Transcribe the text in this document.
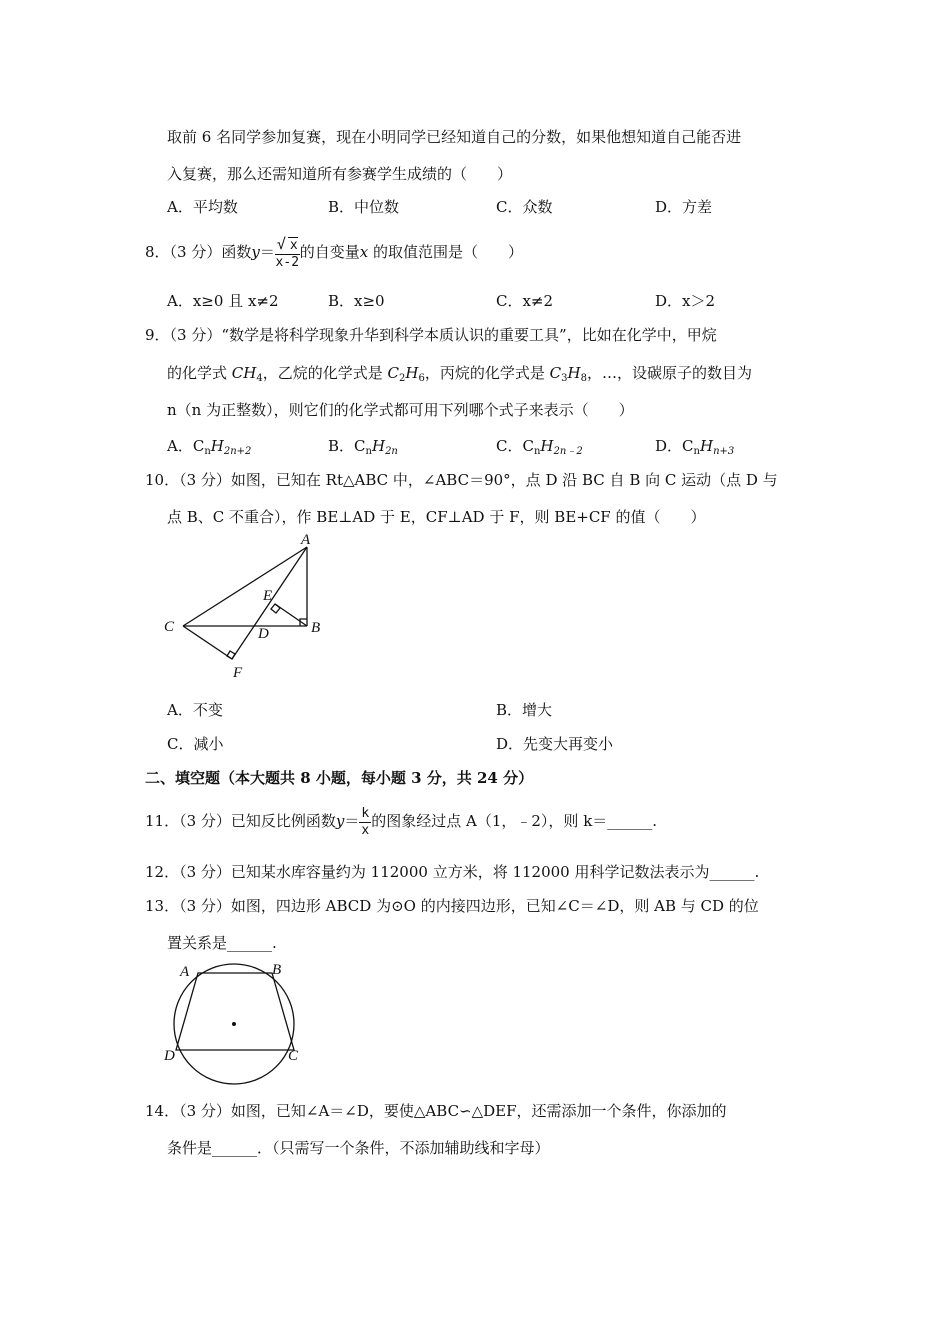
取前 6 名同学参加复赛，现在小明同学已经知道自己的分数，如果他想知道自己能否进
入复赛，那么还需知道所有参赛学生成绩的（　　）
A．平均数	B．中位数	C．众数	D．方差
8．（3 分）函数$y= \frac{√ x}{x-2}$ 的自变量x 的取值范围是（　　）
A．x≥0 且 x≠2	B．x≥0	C．x≠2	D．x＞2
9．（3 分）“数学是将科学现象升华到科学本质认识的重要工具”，比如在化学中，甲烷
的化学式 $CH_4$，乙烷的化学式是 $C_2H_6$，丙烷的化学式是 $C_3H_8$，…，设碳原子的数目为
n（n 为正整数），则它们的化学式都可用下列哪个式子来表示（　　）
A．$C_nH_{2n+2}$	B．$C_nH_{2n}$	C．$C_nH_{2n﹣2}$	D．$C_nH_{n+3}$
10．（3 分）如图，已知在 Rt△ABC 中，∠ABC＝90°，点 D 沿 BC 自 B 向 C 运动（点 D 与
点 B、C 不重合），作 BE⊥AD 于 E，CF⊥AD 于 F，则 BE+CF 的值（　　）
A
B
C	D
E
F
A．不变	B．增大
C．减小	D．先变大再变小
二、填空题（本大题共 8 小题，每小题 3 分，共 24 分）
11．（3 分）已知反比例函数$y= \frac{k}{x}$ 的图象经过点 A（1，﹣2），则 k＝______.
12．（3 分）已知某水库容量约为 112000 立方米，将 112000 用科学记数法表示为______.
13．（3 分）如图，四边形 ABCD 为⊙O 的内接四边形，已知∠C＝∠D，则 AB 与 CD 的位
置关系是______.
A	B
C
D
14．（3 分）如图，已知∠A＝∠D，要使△ABC∽△DEF，还需添加一个条件，你添加的
条件是______．（只需写一个条件，不添加辅助线和字母）
